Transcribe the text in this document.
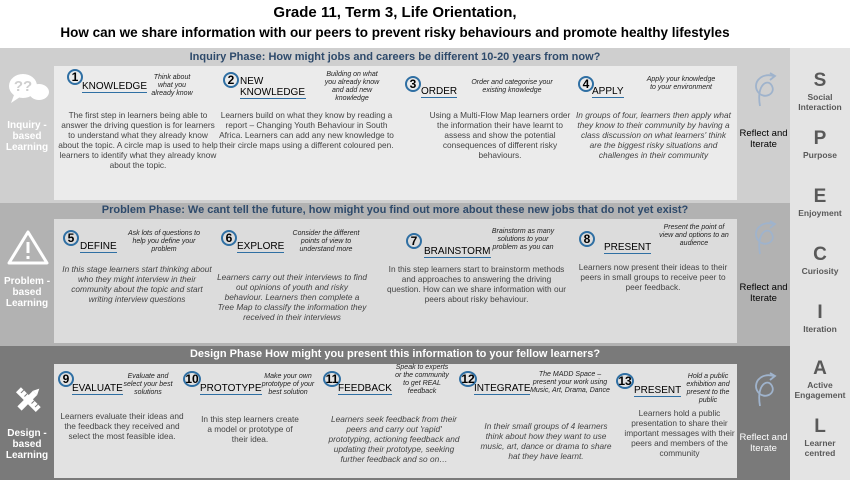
Grade 11, Term 3, Life Orientation,
How can we share information with our peers to prevent risky behaviours and promote healthy lifestyles
Inquiry Phase: How might jobs and careers be different 10-20 years from now?
??
Inquiry - based Learning
1
KNOWLEDGE
Think about what you already know
The first step in learners being able to answer the driving question is for learners to understand what they already know about the topic. A circle map is used to help learners to identify what they already know about the topic.
2 NEW KNOWLEDGE
Building on what you already know and add new knowledge
Learners build on what they know by reading a report – Changing Youth Behaviour in South Africa. Learners can add any new knowledge to their circle maps using a different coloured pen.
3
ORDER
Order and categorise your existing knowledge
Using a Multi-Flow Map learners order the information their have learnt to assess and show the potential consequences of different risky behaviours.
4
APPLY
Apply your knowledge to your environment
In groups of four, learners then apply what they know to their community by having a class discussion on what learners' think are the biggest risky situations and challenges in their community
Reflect and Iterate
Problem Phase: We cant tell the future, how might you find out more about these new jobs that do not yet exist?
Problem - based Learning
5
DEFINE
Ask lots of questions to help you define your problem
In this stage learners start thinking about who they might interview in their community about the topic and start writing interview questions
6
EXPLORE
Consider the different points of view to understand more
Learners carry out their interviews to find out opinions of youth and risky behaviour. Learners then complete a Tree Map to classify the information they received in their interviews
7
BRAINSTORM
Brainstorm as many solutions to your problem as you can
In this step learners start to brainstorm methods and approaches to answering the driving question. How can we share information with our peers about risky behaviour.
8
PRESENT
Present the point of view and options to an audience
Learners now present their ideas to their peers in small groups to receive peer to peer feedback.	Reflect and Iterate
Design Phase How might you present this information to your fellow learners?
Design - based Learning
9
EVALUATE
Evaluate and select your best solutions
Learners evaluate their ideas and the feedback they received and select the most feasible idea.
10
PROTOTYPE
Make your own prototype of your best solution
In this step learners create a model or prototype of their idea.
11
FEEDBACK
Speak to experts or the community to get REAL feedback
Learners seek feedback from their peers and carry out 'rapid' prototyping, actioning feedback and updating their prototype, seeking further feedback and so on…
12
INTEGRATE
The MADD Space – present your work using Music, Art, Drama, Dance
In their small groups of 4 learners think about how they want to use music, art, dance or drama to share hat they have learnt.
13
PRESENT
Hold a public exhibition and present to the public
Learners hold a public presentation to share their important messages with their peers and members of the community
Reflect and Iterate
S
Social Interaction
P
Purpose
E
Enjoyment
C
Curiosity
I
Iteration
A
Active Engagement
L
Learner centred
